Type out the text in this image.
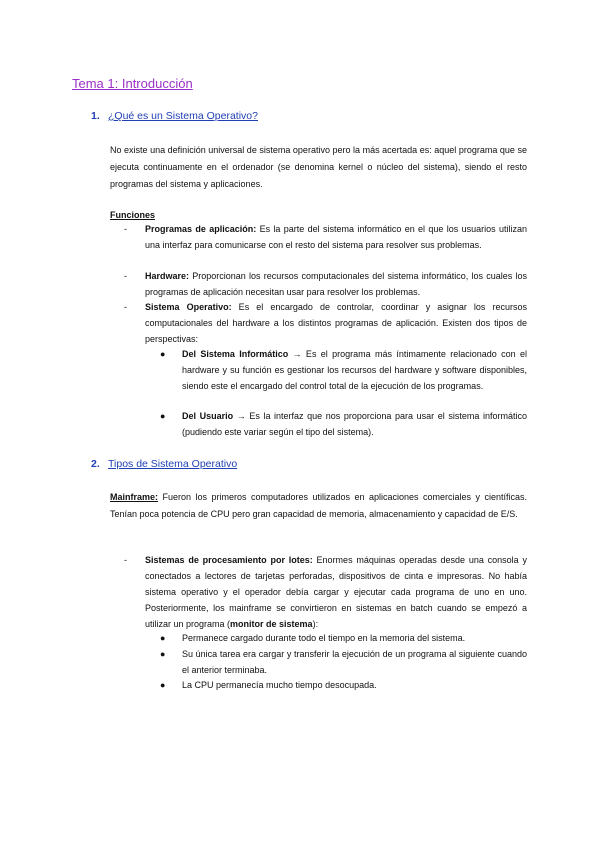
Tema 1: Introducción
1. ¿Qué es un Sistema Operativo?
No existe una definición universal de sistema operativo pero la más acertada es: aquel programa que se ejecuta continuamente en el ordenador (se denomina kernel o núcleo del sistema), siendo el resto programas del sistema y aplicaciones.
Funciones
- Programas de aplicación: Es la parte del sistema informático en el que los usuarios utilizan una interfaz para comunicarse con el resto del sistema para resolver sus problemas.
- Hardware: Proporcionan los recursos computacionales del sistema informático, los cuales los programas de aplicación necesitan usar para resolver los problemas.
- Sistema Operativo: Es el encargado de controlar, coordinar y asignar los recursos computacionales del hardware a los distintos programas de aplicación. Existen dos tipos de perspectivas:
● Del Sistema Informático → Es el programa más íntimamente relacionado con el hardware y su función es gestionar los recursos del hardware y software disponibles, siendo este el encargado del control total de la ejecución de los programas.
● Del Usuario → Es la interfaz que nos proporciona para usar el sistema informático (pudiendo este variar según el tipo del sistema).
2. Tipos de Sistema Operativo
Mainframe: Fueron los primeros computadores utilizados en aplicaciones comerciales y científicas. Tenían poca potencia de CPU pero gran capacidad de memoria, almacenamiento y capacidad de E/S.
- Sistemas de procesamiento por lotes: Enormes máquinas operadas desde una consola y conectados a lectores de tarjetas perforadas, dispositivos de cinta e impresoras. No había sistema operativo y el operador debía cargar y ejecutar cada programa de uno en uno. Posteriormente, los mainframe se convirtieron en sistemas en batch cuando se empezó a utilizar un programa (monitor de sistema):
● Permanece cargado durante todo el tiempo en la memoria del sistema.
● Su única tarea era cargar y transferir la ejecución de un programa al siguiente cuando el anterior terminaba.
● La CPU permanecía mucho tiempo desocupada.
